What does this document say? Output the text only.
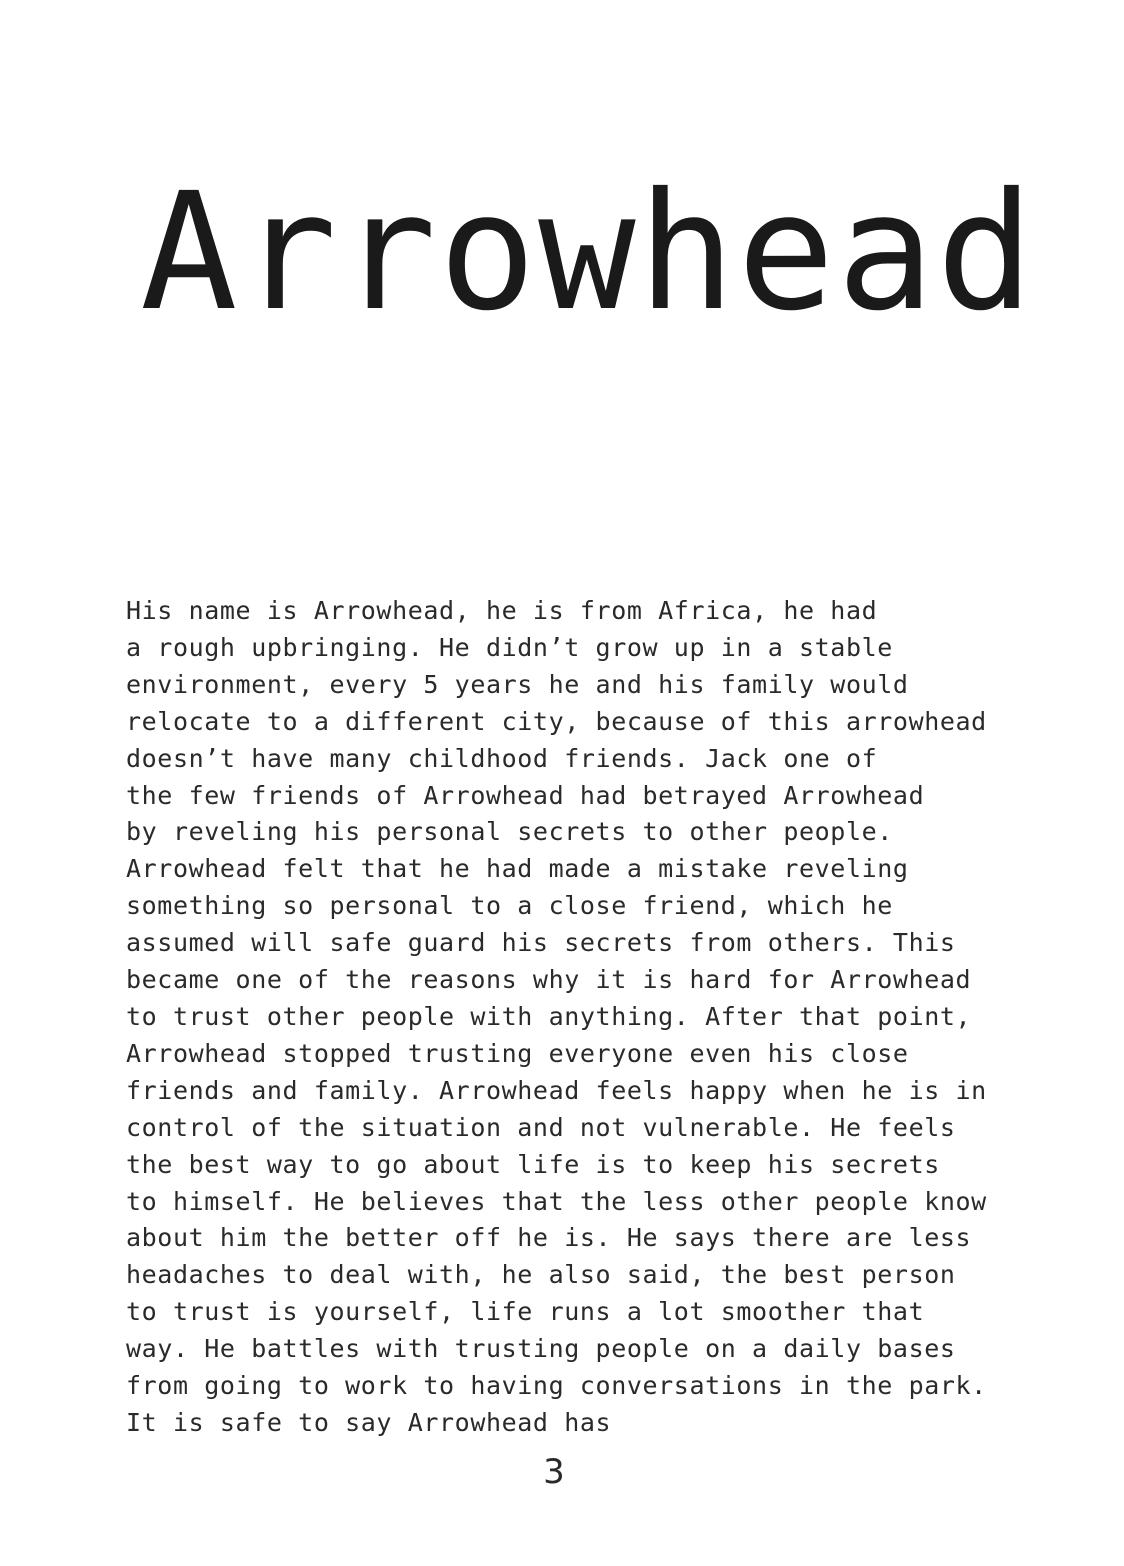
Arrowhead
His name is Arrowhead, he is from Africa, he had
a rough upbringing. He didn’t grow up in a stable
environment, every 5 years he and his family would
relocate to a different city, because of this arrowhead
doesn’t have many childhood friends. Jack one of
the few friends of Arrowhead had betrayed Arrowhead
by reveling his personal secrets to other people.
Arrowhead felt that he had made a mistake reveling
something so personal to a close friend, which he
assumed will safe guard his secrets from others. This
became one of the reasons why it is hard for Arrowhead
to trust other people with anything. After that point,
Arrowhead stopped trusting everyone even his close
friends and family. Arrowhead feels happy when he is in
control of the situation and not vulnerable. He feels
the best way to go about life is to keep his secrets
to himself. He believes that the less other people know
about him the better off he is. He says there are less
headaches to deal with, he also said, the best person
to trust is yourself, life runs a lot smoother that
way. He battles with trusting people on a daily bases
from going to work to having conversations in the park.
It is safe to say Arrowhead has
3
